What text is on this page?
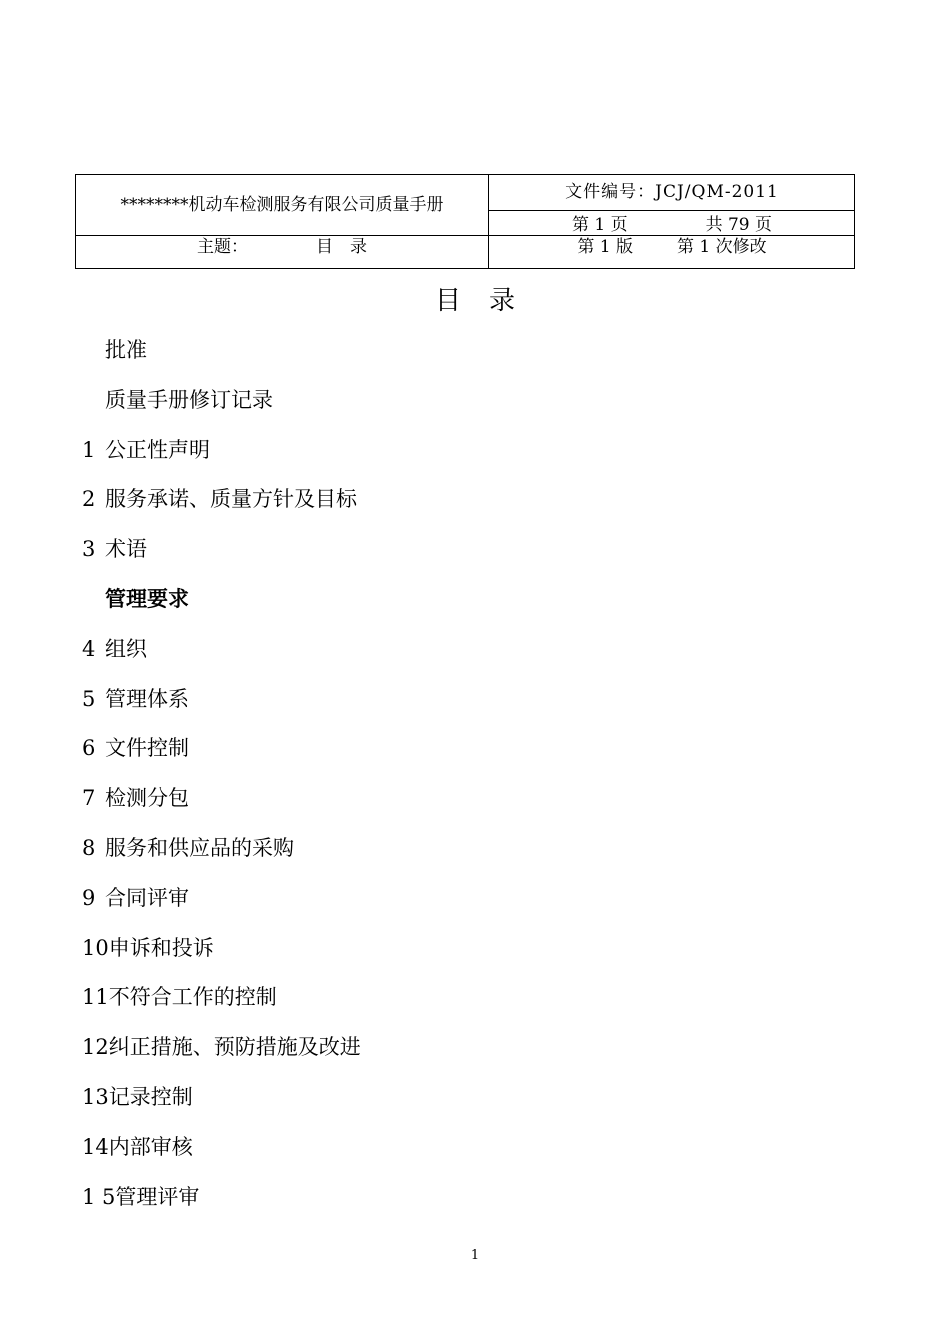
********机动车检测服务有限公司质量手册
文件编号：JCJ/QM-2011
第 1 页	共 79 页
主题：	目　录	第 1 版	第 1 次修改
目 录
批准
质量手册修订记录
1 公正性声明
2 服务承诺、质量方针及目标
3 术语
管理要求
4 组织
5 管理体系
6 文件控制
7 检测分包
8 服务和供应品的采购
9 合同评审
10申诉和投诉
11不符合工作的控制
12纠正措施、预防措施及改进
13记录控制
14内部审核
1 5管理评审
1
